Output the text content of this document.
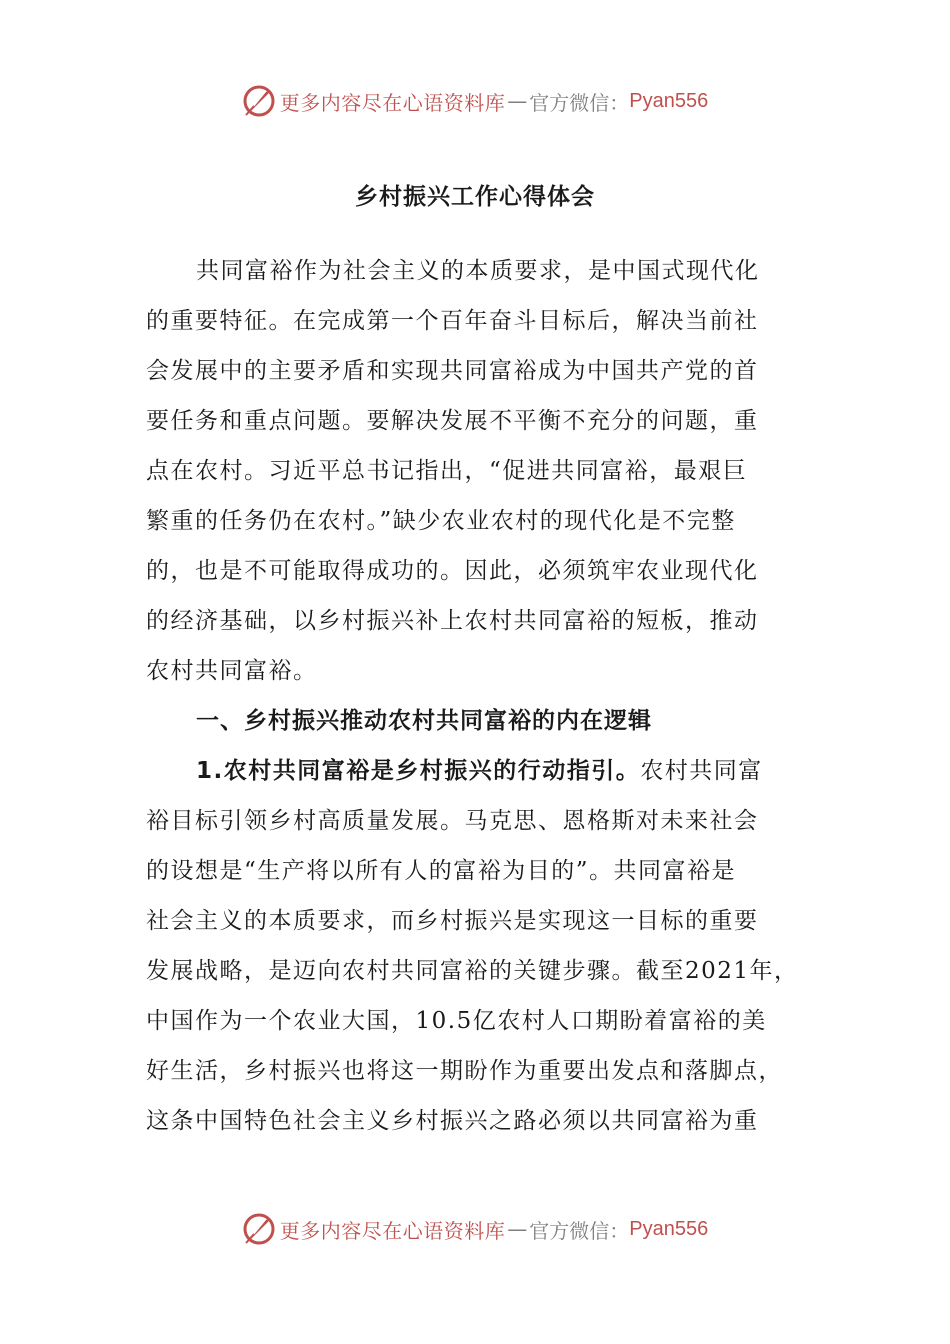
更多内容尽在心语资料库 — 官方微信： Pyan556
乡村振兴工作心得体会
共同富裕作为社会主义的本质要求，是中国式现代化
的重要特征。在完成第一个百年奋斗目标后，解决当前社
会发展中的主要矛盾和实现共同富裕成为中国共产党的首
要任务和重点问题。要解决发展不平衡不充分的问题，重
点在农村。习近平总书记指出，“促进共同富裕，最艰巨
繁重的任务仍在农村。”缺少农业农村的现代化是不完整
的，也是不可能取得成功的。因此，必须筑牢农业现代化
的经济基础，以乡村振兴补上农村共同富裕的短板，推动
农村共同富裕。
一、乡村振兴推动农村共同富裕的内在逻辑
1.农村共同富裕是乡村振兴的行动指引。农村共同富
裕目标引领乡村高质量发展。马克思、恩格斯对未来社会
的设想是“生产将以所有人的富裕为目的”。共同富裕是
社会主义的本质要求，而乡村振兴是实现这一目标的重要
发展战略，是迈向农村共同富裕的关键步骤。截至2021年，
中国作为一个农业大国，10.5亿农村人口期盼着富裕的美
好生活，乡村振兴也将这一期盼作为重要出发点和落脚点，
这条中国特色社会主义乡村振兴之路必须以共同富裕为重
更多内容尽在心语资料库 — 官方微信： Pyan556
